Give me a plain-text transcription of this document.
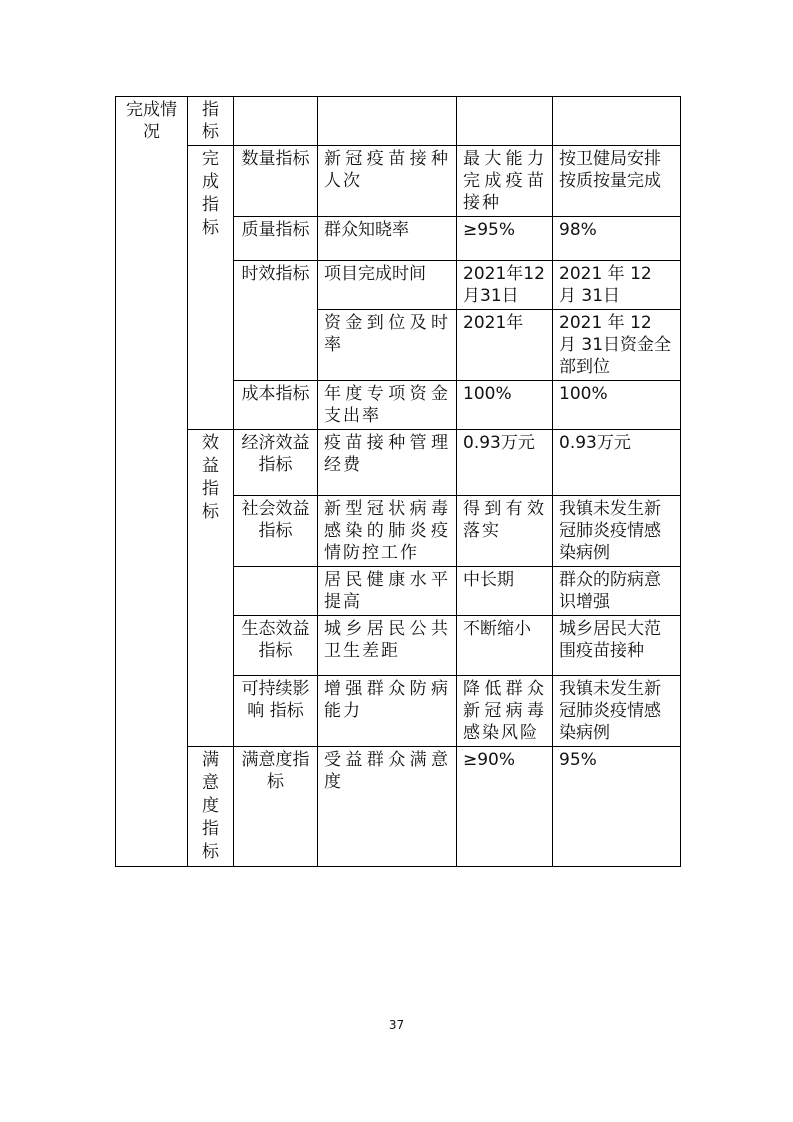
完成情况	指标				

	完成指标	数量指标	新冠疫苗接种人次	最大能力完成疫苗接种	按卫健局安排按质按量完成
		质量指标	群众知晓率	≥95%	98%
		时效指标	项目完成时间	2021年12月31日	2021 年 12 月 31日
			资金到位及时率	2021年	2021 年 12 月 31日资金全部到位
		成本指标	年度专项资金支出率	100%	100%

	效益指标	经济效益 指标	疫苗接种管理经费	0.93万元	0.93万元
		社会效益指标	新型冠状病毒感染的肺炎疫情防控工作	得到有效落实	我镇未发生新冠肺炎疫情感染病例
			居民健康水平提高	中长期	群众的防病意识增强
		生态效益指标	城乡居民公共卫生差距	不断缩小	城乡居民大范围疫苗接种
		可持续影响 指标	增强群众防病能力	降低群众新冠病毒感染风险	我镇未发生新冠肺炎疫情感染病例

	满意度指标	满意度指标	受益群众满意度	≥90%	95%
37
